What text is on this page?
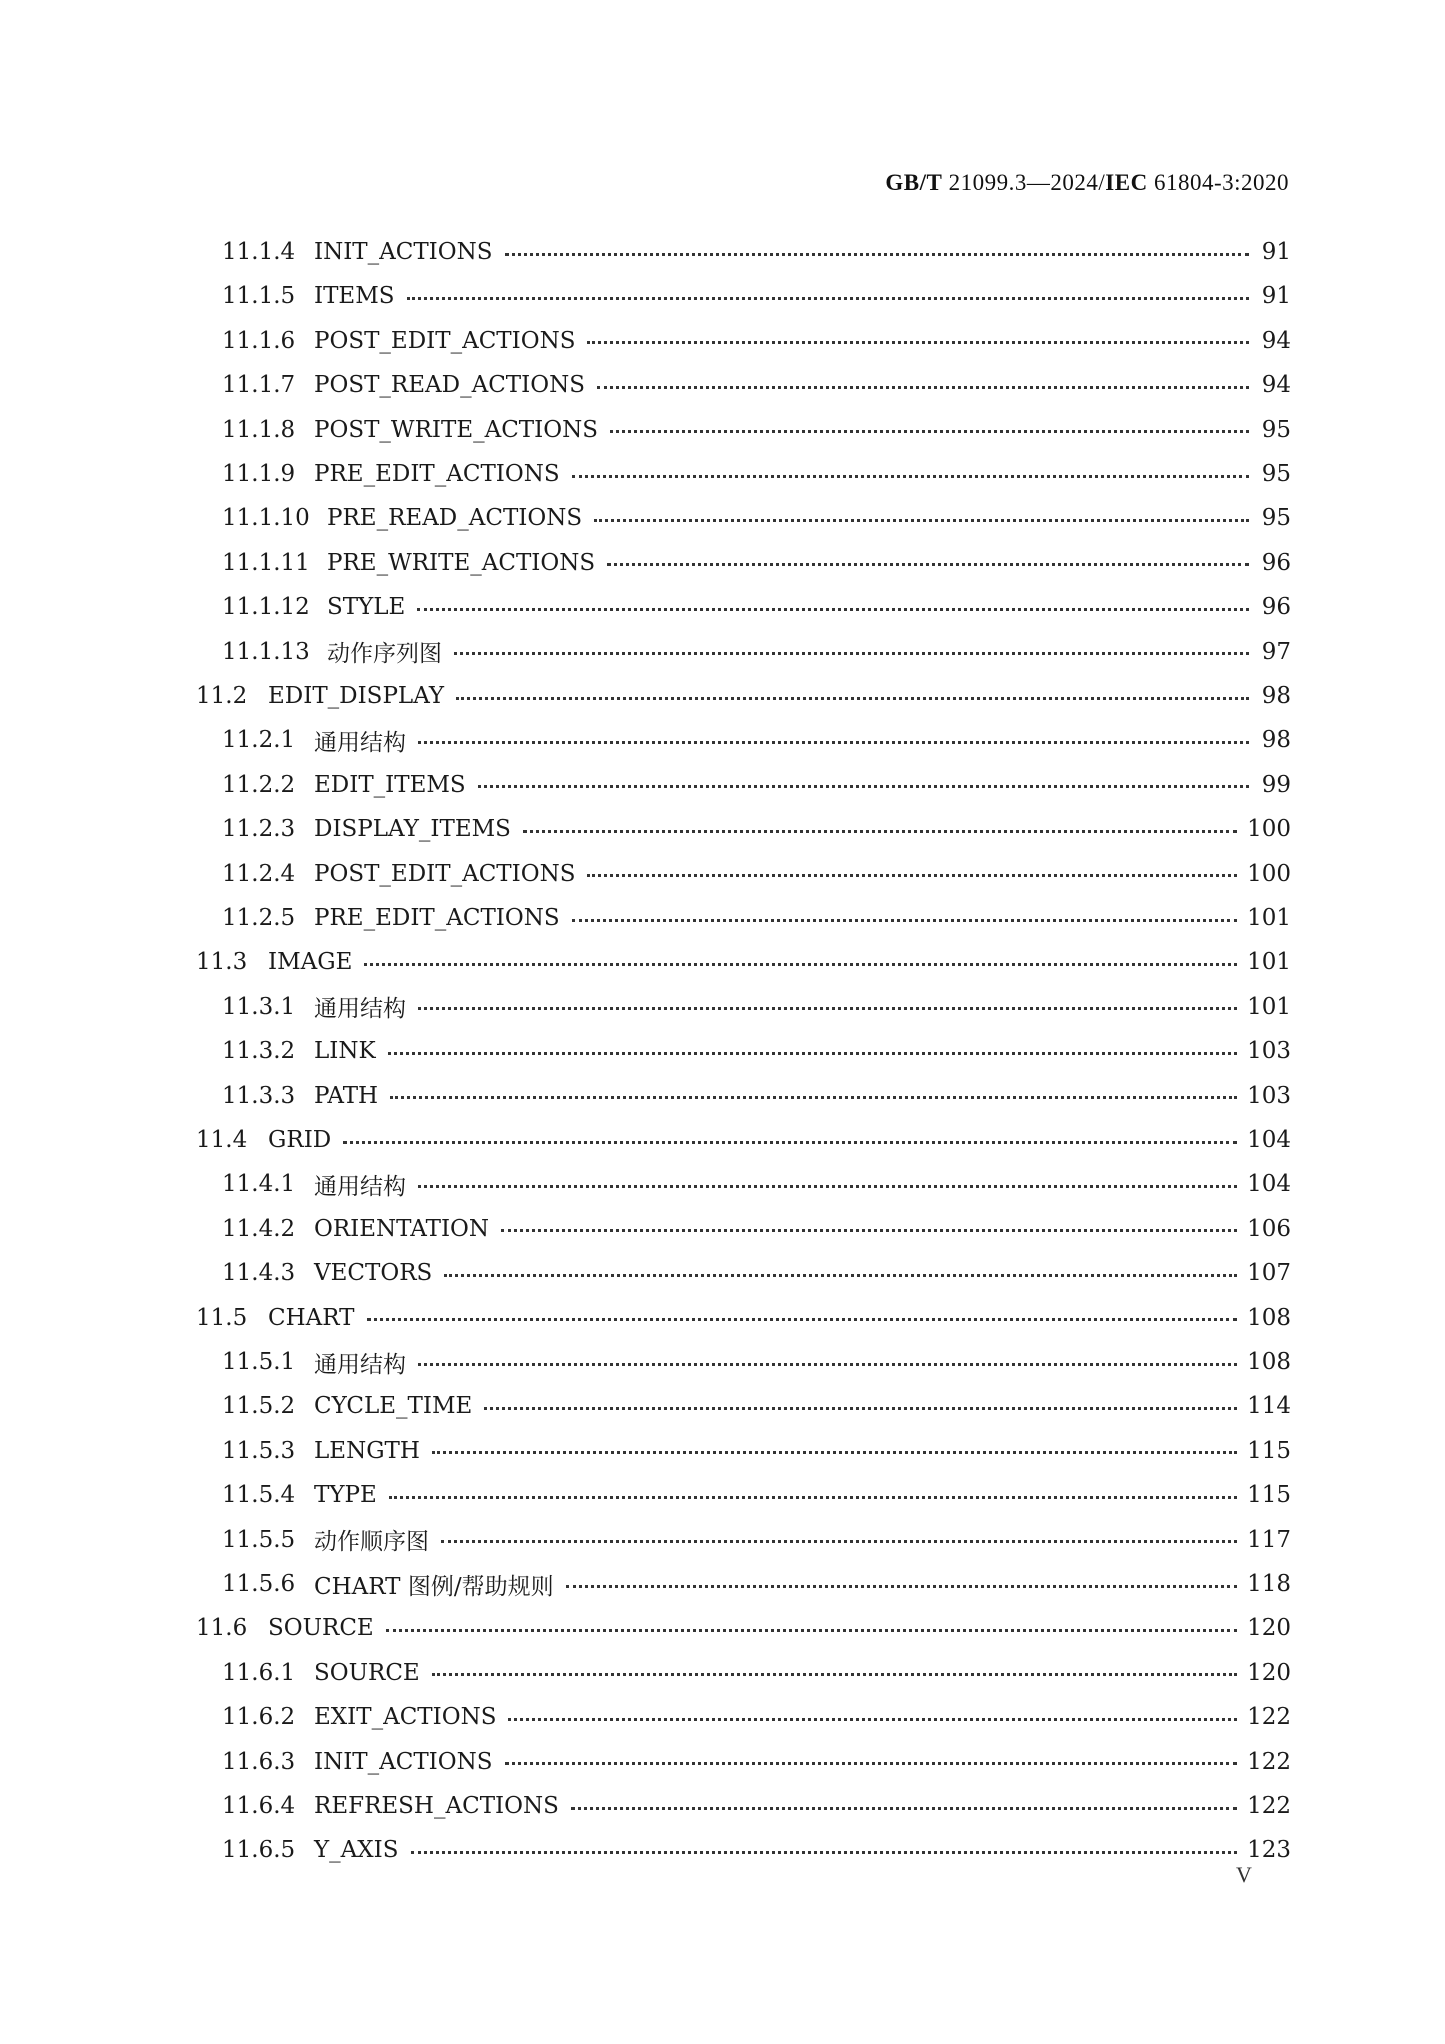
GB/T 21099.3—2024/IEC 61804-3:2020
11.1.4 INIT_ACTIONS	91
11.1.5 ITEMS	91
11.1.6 POST_EDIT_ACTIONS	94
11.1.7 POST_READ_ACTIONS	94
11.1.8 POST_WRITE_ACTIONS	95
11.1.9 PRE_EDIT_ACTIONS	95
11.1.10 PRE_READ_ACTIONS	95
11.1.11 PRE_WRITE_ACTIONS	96
11.1.12 STYLE	96
11.1.13 动作序列图	97
11.2 EDIT_DISPLAY	98
11.2.1 通用结构	98
11.2.2 EDIT_ITEMS	99
11.2.3 DISPLAY_ITEMS	100
11.2.4 POST_EDIT_ACTIONS	100
11.2.5 PRE_EDIT_ACTIONS	101
11.3 IMAGE	101
11.3.1 通用结构	101
11.3.2 LINK	103
11.3.3 PATH	103
11.4 GRID	104
11.4.1 通用结构	104
11.4.2 ORIENTATION	106
11.4.3 VECTORS	107
11.5 CHART	108
11.5.1 通用结构	108
11.5.2 CYCLE_TIME	114
11.5.3 LENGTH	115
11.5.4 TYPE	115
11.5.5 动作顺序图	117
11.5.6 CHART 图例/帮助规则	118
11.6 SOURCE	120
11.6.1 SOURCE	120
11.6.2 EXIT_ACTIONS	122
11.6.3 INIT_ACTIONS	122
11.6.4 REFRESH_ACTIONS	122
11.6.5 Y_AXIS	123
V
